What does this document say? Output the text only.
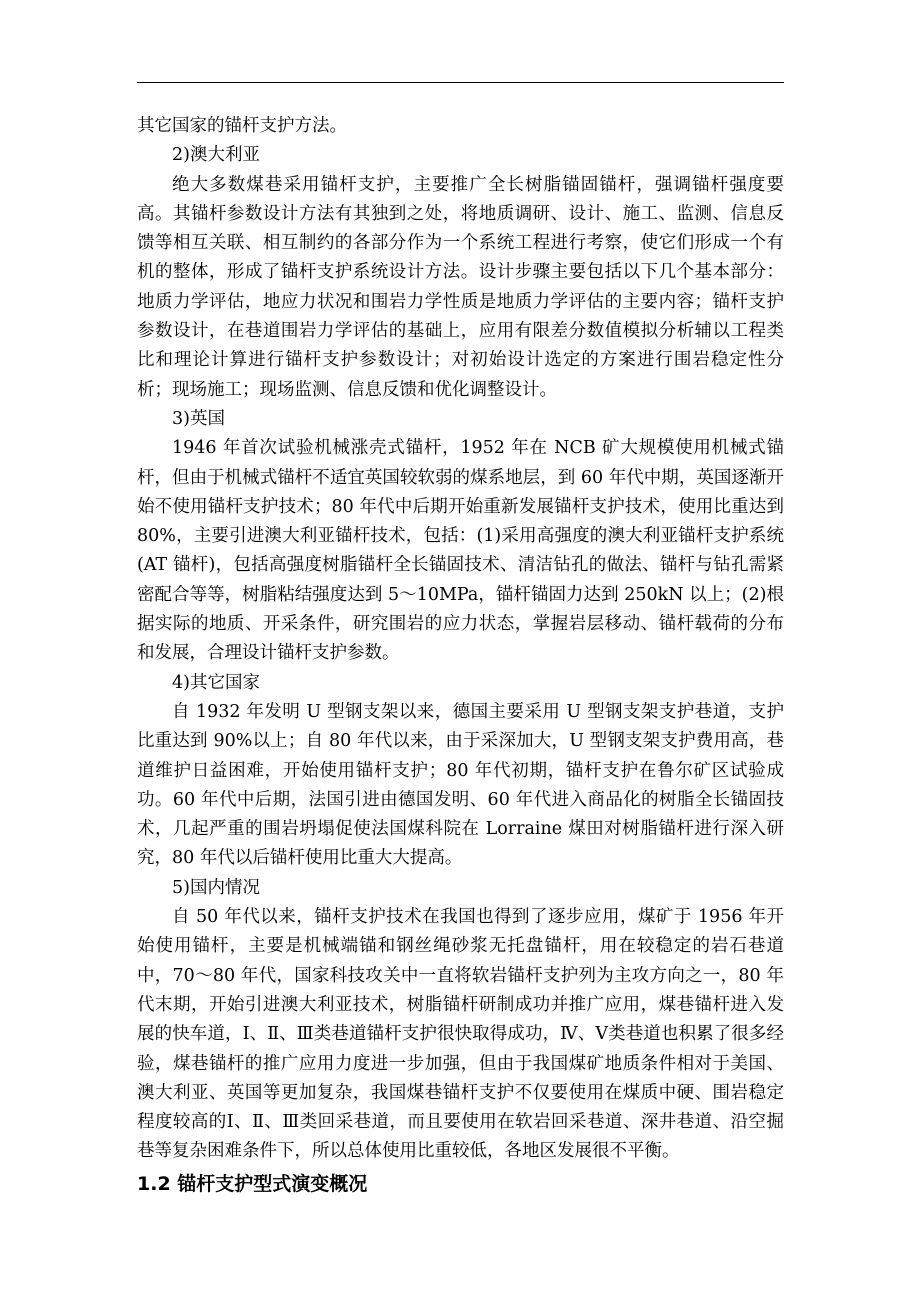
其它国家的锚杆支护方法。

2)澳大利亚

绝大多数煤巷采用锚杆支护，主要推广全长树脂锚固锚杆，强调锚杆强度要高。其锚杆参数设计方法有其独到之处，将地质调研、设计、施工、监测、信息反馈等相互关联、相互制约的各部分作为一个系统工程进行考察，使它们形成一个有机的整体，形成了锚杆支护系统设计方法。设计步骤主要包括以下几个基本部分：地质力学评估，地应力状况和围岩力学性质是地质力学评估的主要内容；锚杆支护参数设计，在巷道围岩力学评估的基础上，应用有限差分数值模拟分析辅以工程类比和理论计算进行锚杆支护参数设计；对初始设计选定的方案进行围岩稳定性分析；现场施工；现场监测、信息反馈和优化调整设计。

3)英国

1946 年首次试验机械涨壳式锚杆，1952 年在 NCB 矿大规模使用机械式锚杆，但由于机械式锚杆不适宜英国较软弱的煤系地层，到 60 年代中期，英国逐渐开始不使用锚杆支护技术；80 年代中后期开始重新发展锚杆支护技术，使用比重达到 80%，主要引进澳大利亚锚杆技术，包括：(1)采用高强度的澳大利亚锚杆支护系统(AT 锚杆)，包括高强度树脂锚杆全长锚固技术、清洁钻孔的做法、锚杆与钻孔需紧密配合等等，树脂粘结强度达到 5～10MPa，锚杆锚固力达到 250kN 以上；(2)根据实际的地质、开采条件，研究围岩的应力状态，掌握岩层移动、锚杆载荷的分布和发展，合理设计锚杆支护参数。

4)其它国家

自 1932 年发明 U 型钢支架以来，德国主要采用 U 型钢支架支护巷道，支护比重达到 90%以上；自 80 年代以来，由于采深加大，U 型钢支架支护费用高，巷道维护日益困难，开始使用锚杆支护；80 年代初期，锚杆支护在鲁尔矿区试验成功。60 年代中后期，法国引进由德国发明、60 年代进入商品化的树脂全长锚固技术，几起严重的围岩坍塌促使法国煤科院在 Lorraine 煤田对树脂锚杆进行深入研究，80 年代以后锚杆使用比重大大提高。

5)国内情况

自 50 年代以来，锚杆支护技术在我国也得到了逐步应用，煤矿于 1956 年开始使用锚杆，主要是机械端锚和钢丝绳砂浆无托盘锚杆，用在较稳定的岩石巷道中，70～80 年代，国家科技攻关中一直将软岩锚杆支护列为主攻方向之一，80 年代末期，开始引进澳大利亚技术，树脂锚杆研制成功并推广应用，煤巷锚杆进入发展的快车道，Ⅰ、Ⅱ、Ⅲ类巷道锚杆支护很快取得成功，Ⅳ、Ⅴ类巷道也积累了很多经验，煤巷锚杆的推广应用力度进一步加强，但由于我国煤矿地质条件相对于美国、澳大利亚、英国等更加复杂，我国煤巷锚杆支护不仅要使用在煤质中硬、围岩稳定程度较高的Ⅰ、Ⅱ、Ⅲ类回采巷道，而且要使用在软岩回采巷道、深井巷道、沿空掘巷等复杂困难条件下，所以总体使用比重较低，各地区发展很不平衡。

1.2 锚杆支护型式演变概况
